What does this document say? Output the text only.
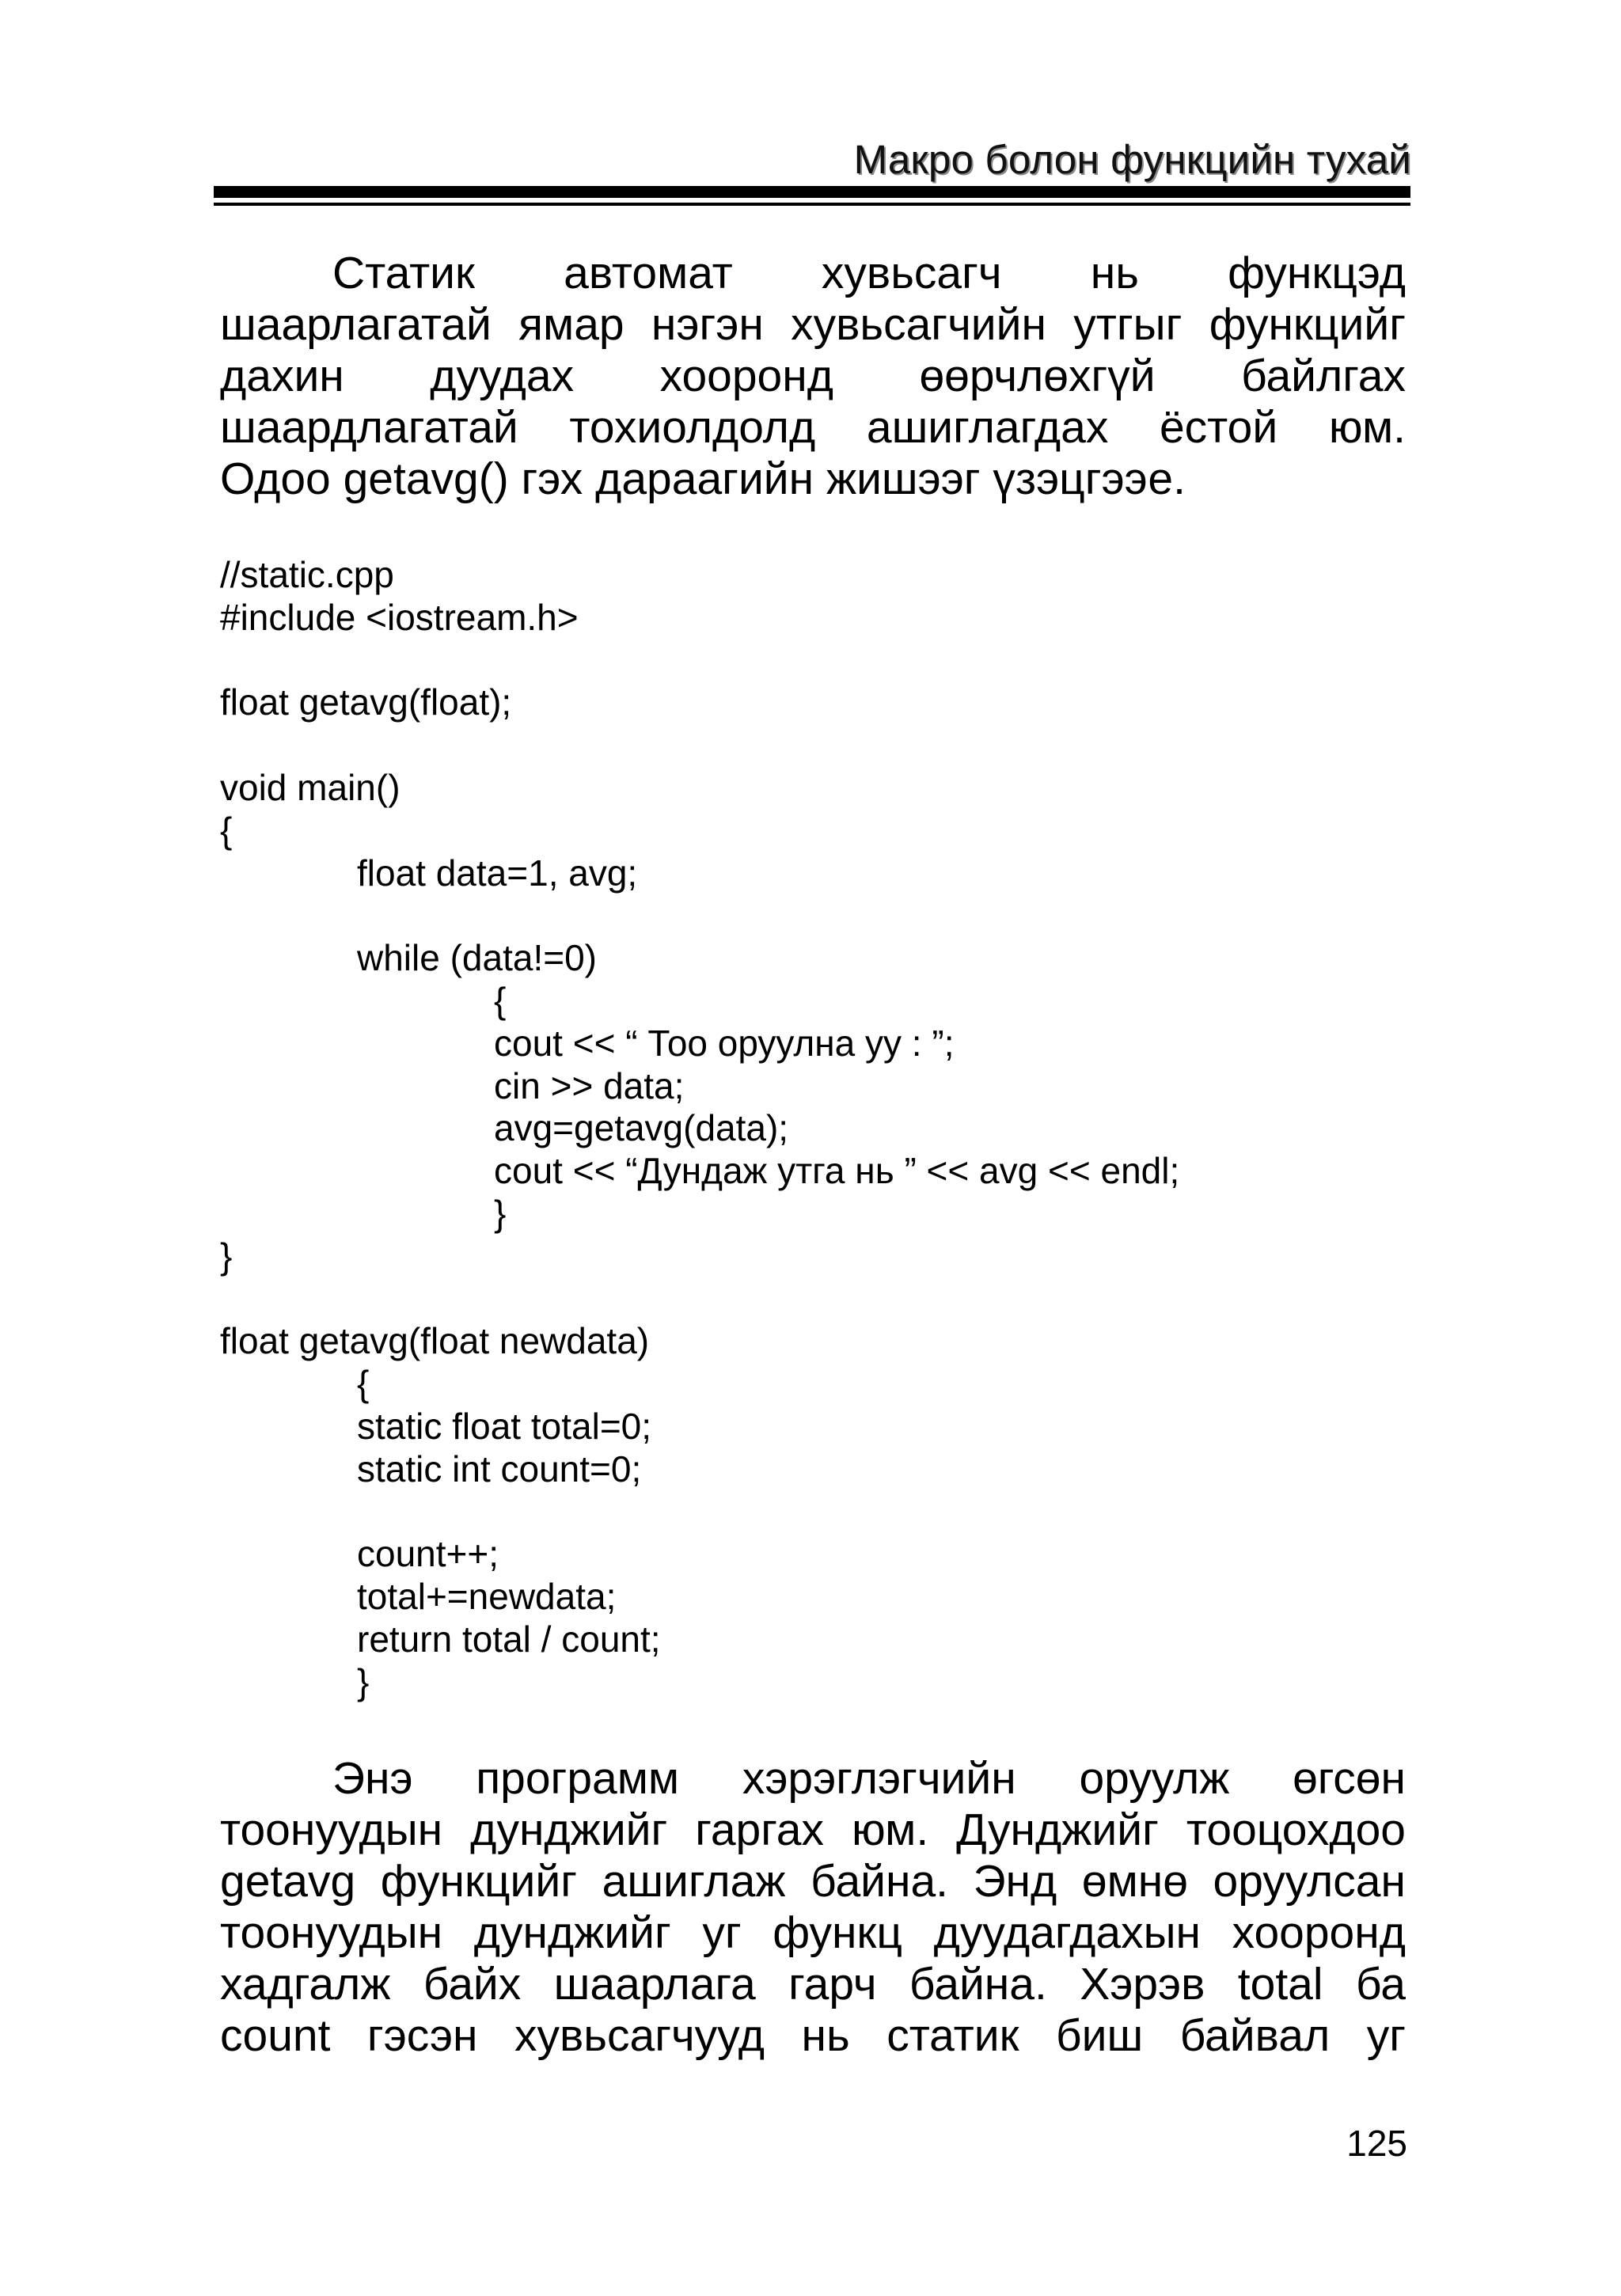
Макро болон функцийн тухай
Статик автомат хувьсагч нь функцэд
шаарлагатай ямар нэгэн хувьсагчийн утгыг функцийг
дахин дуудах хооронд өөрчлөхгүй байлгах
шаардлагатай тохиолдолд ашиглагдах ёстой юм.
Одоо getavg() гэх дараагийн жишээг үзэцгээе.
//static.cpp
#include <iostream.h>
float getavg(float);
void main()
{
float data=1, avg;
while (data!=0)
{
cout << “ Тоо оруулна уу : ”;
cin >> data;
avg=getavg(data);
cout << “Дундаж утга нь ” << avg << endl;
}
}
float getavg(float newdata)
{
static float total=0;
static int count=0;
count++;
total+=newdata;
return total / count;
}
Энэ программ хэрэглэгчийн оруулж өгсөн
тоонуудын дунджийг гаргах юм. Дунджийг тооцохдоо
getavg функцийг ашиглаж байна. Энд өмнө оруулсан
тоонуудын дунджийг уг функц дуудагдахын хооронд
хадгалж байх шаарлага гарч байна. Хэрэв total ба
count гэсэн хувьсагчууд нь статик биш байвал уг
125
